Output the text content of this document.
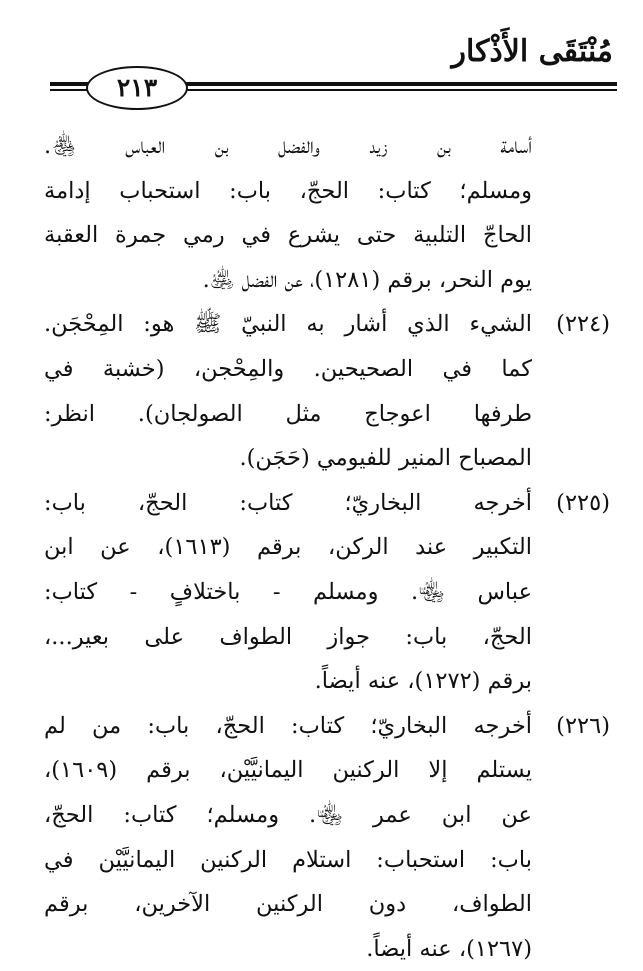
مُنْتَقَى الأَذْكار
٢١٣
أسامة بن زيد والفضل بن العباس ﵃.
ومسلم؛ كتاب: الحجّ، باب: استحباب إدامة
الحاجّ التلبية حتى يشرع في رمي جمرة العقبة
يوم النحر، برقم (١٢٨١)، عن الفضل ﵁.
(٢٢٤)الشيء الذي أشار به النبيّ ﷺ هو: المِحْجَن.
كما في الصحيحين. والمِحْجن، (خشبة في
طرفها اعوجاج مثل الصولجان). انظر:
المصباح المنير للفيومي (حَجَن).
(٢٢٥)أخرجه البخاريّ؛ كتاب: الحجّ، باب:
التكبير عند الركن، برقم (١٦١٣)، عن ابن
عباس ﵄. ومسلم - باختلافٍ - كتاب:
الحجّ، باب: جواز الطواف على بعير...،
برقم (١٢٧٢)، عنه أيضاً.
(٢٢٦)أخرجه البخاريّ؛ كتاب: الحجّ، باب: من لم
يستلم إلا الركنين اليمانيَّيْن، برقم (١٦٠٩)،
عن ابن عمر ﵄. ومسلم؛ كتاب: الحجّ،
باب: استحباب: استلام الركنين اليمانيَّيْن في
الطواف، دون الركنين الآخرين، برقم
(١٢٦٧)، عنه أيضاً.
